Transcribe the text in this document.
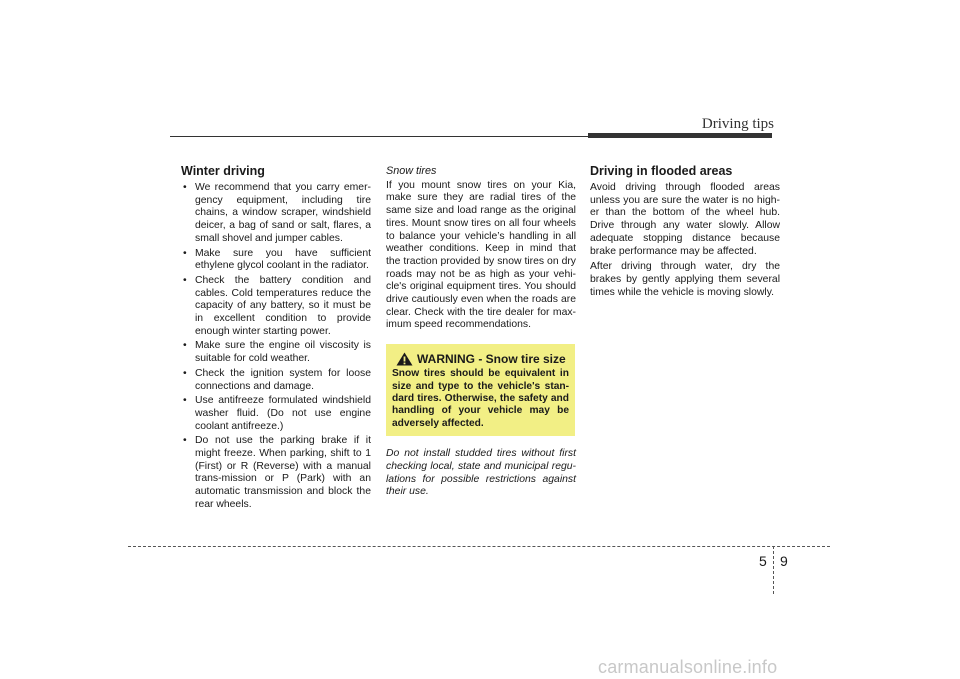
Driving tips
Winter driving
• We recommend that you carry emer-gency equipment, including tire chains, a window scraper, windshield deicer, a bag of sand or salt, flares, a small shovel and jumper cables.
• Make sure you have sufficient ethylene glycol coolant in the radiator.
• Check the battery condition and cables. Cold temperatures reduce the capacity of any battery, so it must be in excellent condition to provide enough winter starting power.
• Make sure the engine oil viscosity is suitable for cold weather.
• Check the ignition system for loose connections and damage.
• Use antifreeze formulated windshield washer fluid. (Do not use engine coolant antifreeze.)
• Do not use the parking brake if it might freeze. When parking, shift to 1 (First) or R (Reverse) with a manual trans-mission or P (Park) with an automatic transmission and block the rear wheels.
Snow tires

If you mount snow tires on your Kia, make sure they are radial tires of the same size and load range as the original tires. Mount snow tires on all four wheels to balance your vehicle’s handling in all weather conditions. Keep in mind that the traction provided by snow tires on dry roads may not be as high as your vehi-cle's original equipment tires. You should drive cautiously even when the roads are clear. Check with the tire dealer for max-imum speed recommendations.

WARNING - Snow tire size
Snow tires should be equivalent in size and type to the vehicle's stan-dard tires. Otherwise, the safety and handling of your vehicle may be adversely affected.

Do not install studded tires without first checking local, state and municipal regu-lations for possible restrictions against their use.

Driving in flooded areas

Avoid driving through flooded areas unless you are sure the water is no high-er than the bottom of the wheel hub. Drive through any water slowly. Allow adequate stopping distance because brake performance may be affected.

After driving through water, dry the brakes by gently applying them several times while the vehicle is moving slowly.

5 9
carmanualsonline.info
